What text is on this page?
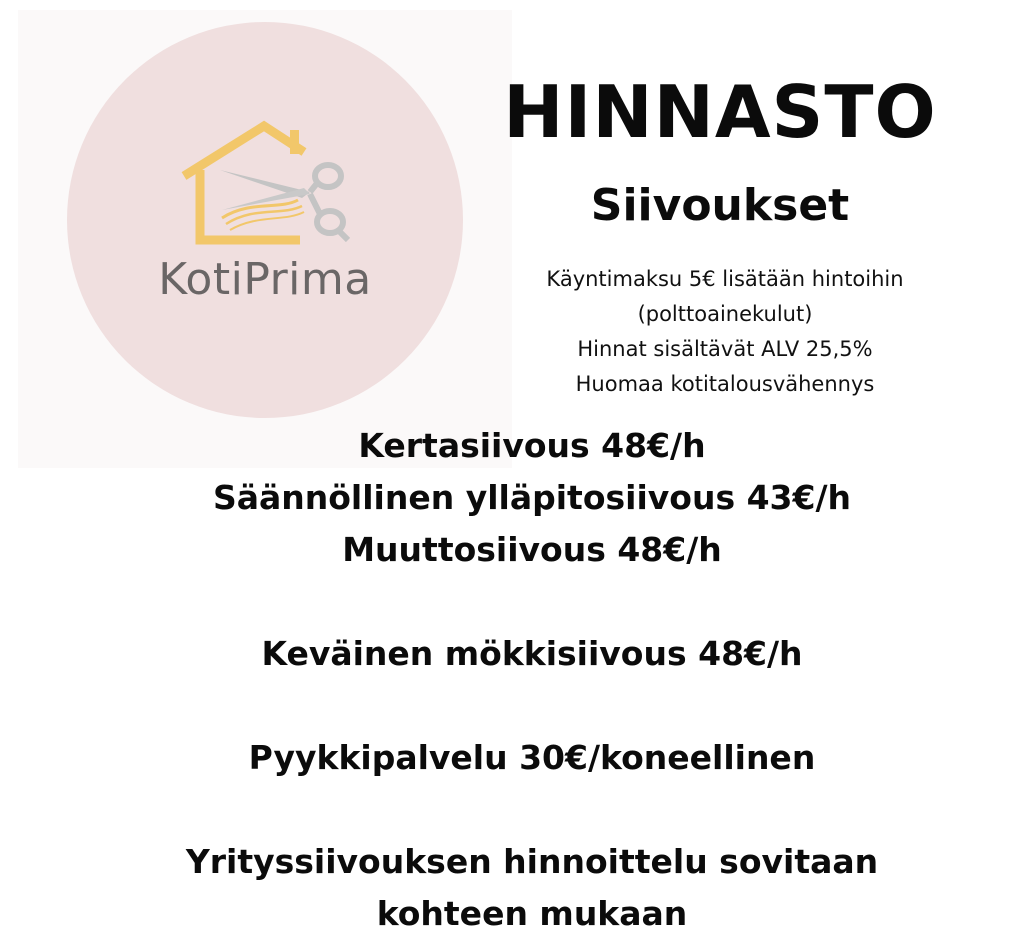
KotiPrima
HINNASTO
Siivoukset
Käyntimaksu 5€ lisätään hintoihin
(polttoainekulut)
Hinnat sisältävät ALV 25,5%
Huomaa kotitalousvähennys
Kertasiivous 48€/h
Säännöllinen ylläpitosiivous 43€/h
Muuttosiivous 48€/h
Keväinen mökkisiivous 48€/h
Pyykkipalvelu 30€/koneellinen
Yrityssiivouksen hinnoittelu sovitaan
kohteen mukaan
